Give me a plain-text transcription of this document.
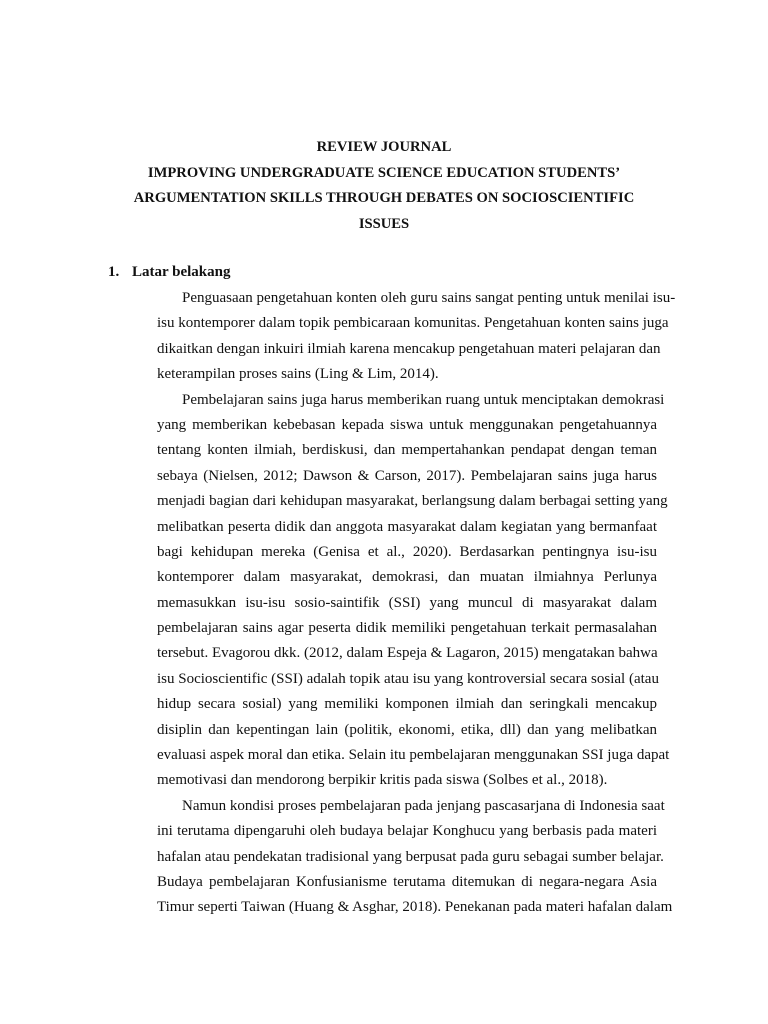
REVIEW JOURNAL
IMPROVING UNDERGRADUATE SCIENCE EDUCATION STUDENTS’
ARGUMENTATION SKILLS THROUGH DEBATES ON SOCIOSCIENTIFIC
ISSUES
1. Latar belakang
Penguasaan pengetahuan konten oleh guru sains sangat penting untuk menilai isu-
isu kontemporer dalam topik pembicaraan komunitas. Pengetahuan konten sains juga
dikaitkan dengan inkuiri ilmiah karena mencakup pengetahuan materi pelajaran dan
keterampilan proses sains (Ling & Lim, 2014).
Pembelajaran sains juga harus memberikan ruang untuk menciptakan demokrasi
yang memberikan kebebasan kepada siswa untuk menggunakan pengetahuannya
tentang konten ilmiah, berdiskusi, dan mempertahankan pendapat dengan teman
sebaya (Nielsen, 2012; Dawson & Carson, 2017). Pembelajaran sains juga harus
menjadi bagian dari kehidupan masyarakat, berlangsung dalam berbagai setting yang
melibatkan peserta didik dan anggota masyarakat dalam kegiatan yang bermanfaat
bagi kehidupan mereka (Genisa et al., 2020). Berdasarkan pentingnya isu-isu
kontemporer dalam masyarakat, demokrasi, dan muatan ilmiahnya Perlunya
memasukkan isu-isu sosio-saintifik (SSI) yang muncul di masyarakat dalam
pembelajaran sains agar peserta didik memiliki pengetahuan terkait permasalahan
tersebut. Evagorou dkk. (2012, dalam Espeja & Lagaron, 2015) mengatakan bahwa
isu Socioscientific (SSI) adalah topik atau isu yang kontroversial secara sosial (atau
hidup secara sosial) yang memiliki komponen ilmiah dan seringkali mencakup
disiplin dan kepentingan lain (politik, ekonomi, etika, dll) dan yang melibatkan
evaluasi aspek moral dan etika. Selain itu pembelajaran menggunakan SSI juga dapat
memotivasi dan mendorong berpikir kritis pada siswa (Solbes et al., 2018).
Namun kondisi proses pembelajaran pada jenjang pascasarjana di Indonesia saat
ini terutama dipengaruhi oleh budaya belajar Konghucu yang berbasis pada materi
hafalan atau pendekatan tradisional yang berpusat pada guru sebagai sumber belajar.
Budaya pembelajaran Konfusianisme terutama ditemukan di negara-negara Asia
Timur seperti Taiwan (Huang & Asghar, 2018). Penekanan pada materi hafalan dalam
